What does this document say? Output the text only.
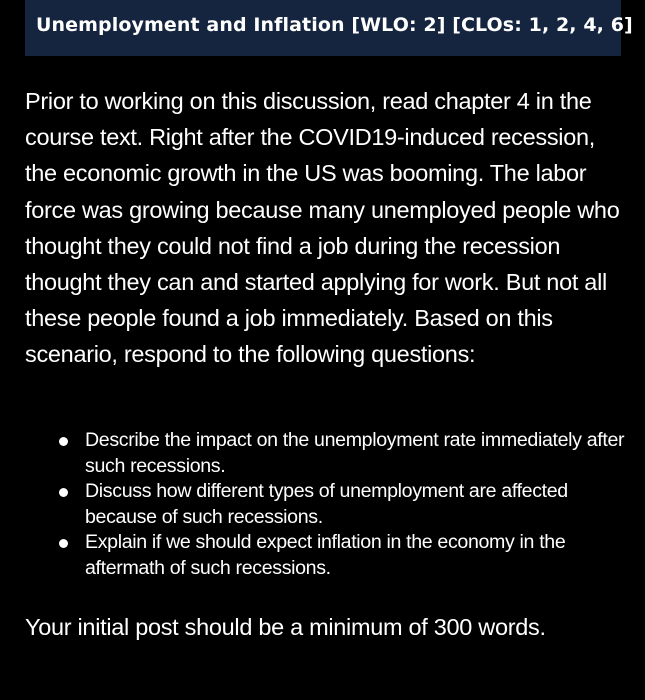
Unemployment and Inflation [WLO: 2] [CLOs: 1, 2, 4, 6]

Prior to working on this discussion, read chapter 4 in the course text. Right after the COVID19-induced recession, the economic growth in the US was booming. The labor force was growing because many unemployed people who thought they could not find a job during the recession thought they can and started applying for work. But not all these people found a job immediately. Based on this scenario, respond to the following questions:

Describe the impact on the unemployment rate immediately after such recessions.
Discuss how different types of unemployment are affected because of such recessions.
Explain if we should expect inflation in the economy in the aftermath of such recessions.

Your initial post should be a minimum of 300 words.
